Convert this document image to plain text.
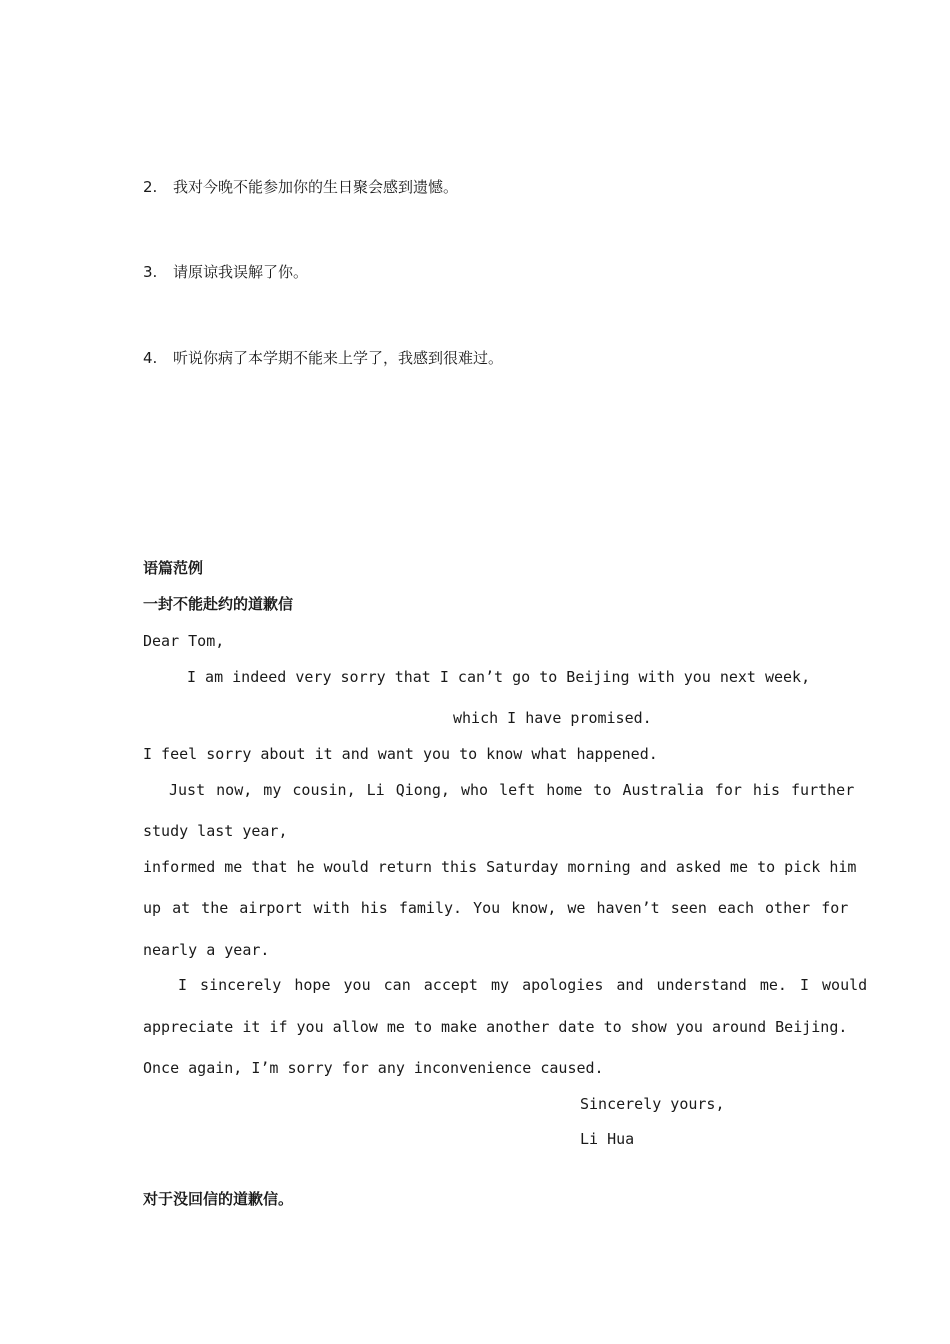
2. 我对今晚不能参加你的生日聚会感到遗憾。
3. 请原谅我误解了你。
4. 听说你病了本学期不能来上学了，我感到很难过。
语篇范例
一封不能赴约的道歉信
Dear Tom,
I am indeed very sorry that I can’t go to Beijing with you next week,
which I have promised.
I feel sorry about it and want you to know what happened.
Just now, my cousin, Li Qiong, who left home to Australia for his further
study last year,
informed me that he would return this Saturday morning and asked me to pick him
up at the airport with his family. You know, we haven’t seen each other for
nearly a year.
I sincerely hope you can accept my apologies and understand me. I would
appreciate it if you allow me to make another date to show you around Beijing.
Once again, I’m sorry for any inconvenience caused.
Sincerely yours,
Li Hua
对于没回信的道歉信。
